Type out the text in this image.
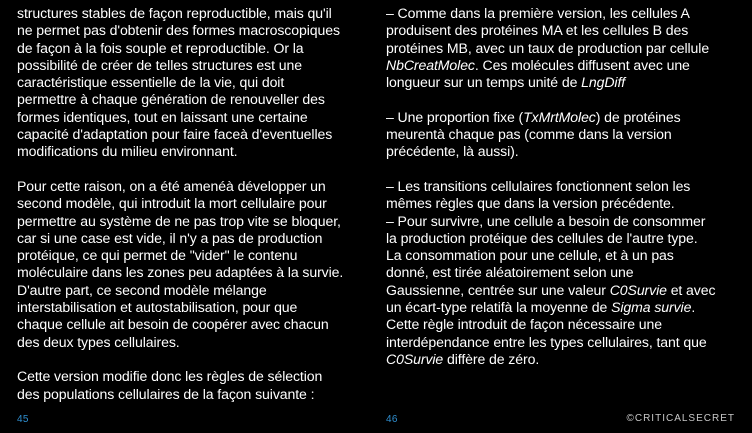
structures stables de façon reproductible, mais qu'il
ne permet pas d'obtenir des formes macroscopiques
de façon à la fois souple et reproductible. Or la
possibilité de créer de telles structures est une
caractéristique essentielle de la vie, qui doit
permettre à chaque génération de renouveller des
formes identiques, tout en laissant une certaine
capacité d'adaptation pour faire faceà d'eventuelles
modifications du milieu environnant.
Pour cette raison, on a été amenéà développer un
second modèle, qui introduit la mort cellulaire pour
permettre au système de ne pas trop vite se bloquer,
car si une case est vide, il n'y a pas de production
protéique, ce qui permet de "vider" le contenu
moléculaire dans les zones peu adaptées à la survie.
D'autre part, ce second modèle mélange
interstabilisation et autostabilisation, pour que
chaque cellule ait besoin de coopérer avec chacun
des deux types cellulaires.
Cette version modifie donc les règles de sélection
des populations cellulaires de la façon suivante :
– Comme dans la première version, les cellules A
produisent des protéines MA et les cellules B des
protéines MB, avec un taux de production par cellule
NbCreatMolec. Ces molécules diffusent avec une
longueur sur un temps unité de LngDiff
– Une proportion fixe (TxMrtMolec) de protéines
meurentà chaque pas (comme dans la version
précédente, là aussi).
– Les transitions cellulaires fonctionnent selon les
mêmes règles que dans la version précédente.
– Pour survivre, une cellule a besoin de consommer
la production protéique des cellules de l'autre type.
La consommation pour une cellule, et à un pas
donné, est tirée aléatoirement selon une
Gaussienne, centrée sur une valeur C0Survie et avec
un écart-type relatifà la moyenne de Sigma survie.
Cette règle introduit de façon nécessaire une
interdépendance entre les types cellulaires, tant que
C0Survie diffère de zéro.
45	46	©CRITICALSECRET
